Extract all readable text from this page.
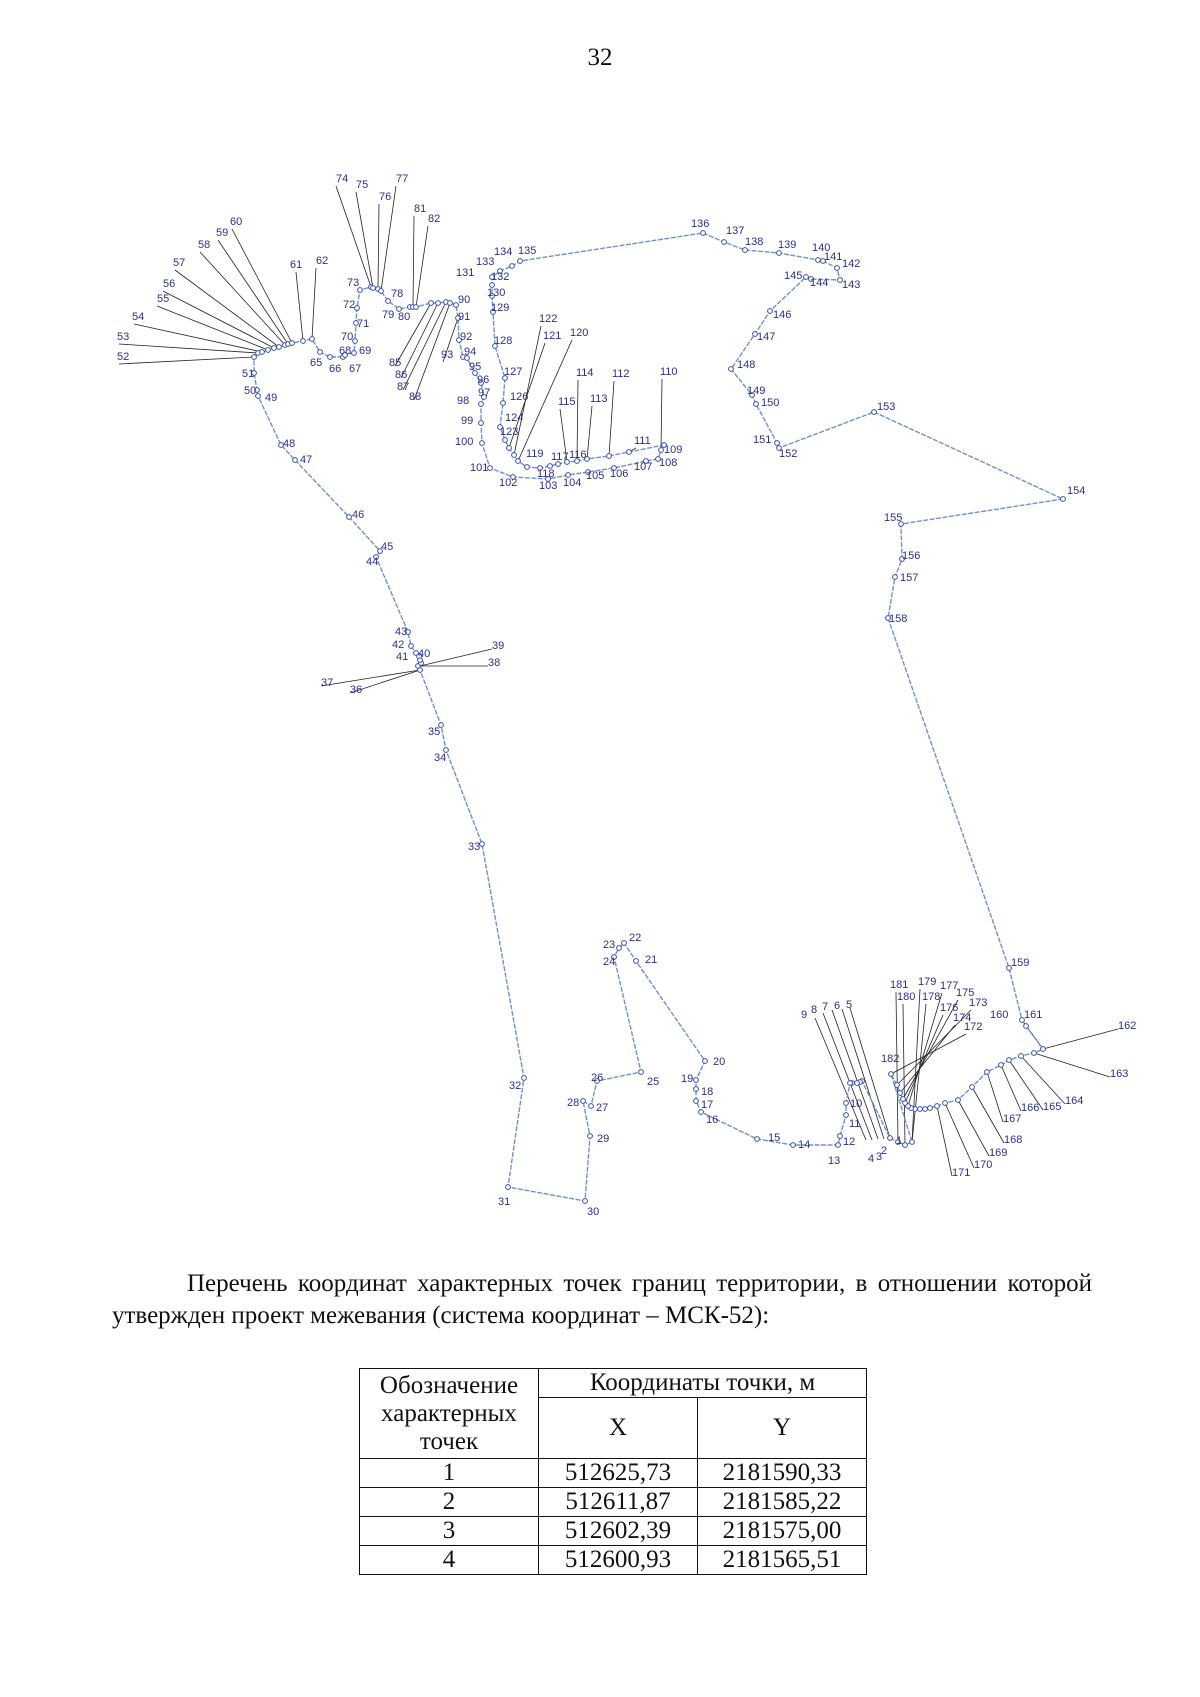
32
74 75
76
77
81
82
60
59
58
57	61 62
56
55
54
53
52
73
72
78
71
79 80
70
68 69
65 66 67
51
50
49
48
47
46
45
44
43
42
41 40
39
38
37
36
35
34
33
32
31
30
29
28 27
26	25
24
23
22
21
20
19
18
17
16
15
14
13
12
11
10
9 8 7 6 5
4 3
2
1
182
181
180
179
178
177
176
175
174
173
172
160 161
162
163
164
165
166
167
168
169
170
171
159
158
157
156
155
154
153
152
151
150
149
148
147
146
145
144 143
142
141
140
139
138
137
136
135
134
133
132
131
130
129
128
127
126
124
123
122
121 120
119
118
117 116
115
114
113
112
111
110
109
108
107
106
105
104
103
102
101
100
99
98
97
96
95
94
93
92
91
90
85
86
87
88
Перечень координат характерных точек границ территории, в отношении которой утвержден проект межевания (система координат – МСК-52):
Обозначение характерных точек	Координаты точки, м	
	X	Y
1	512625,73	2181590,33
2	512611,87	2181585,22
3	512602,39	2181575,00
4	512600,93	2181565,51
